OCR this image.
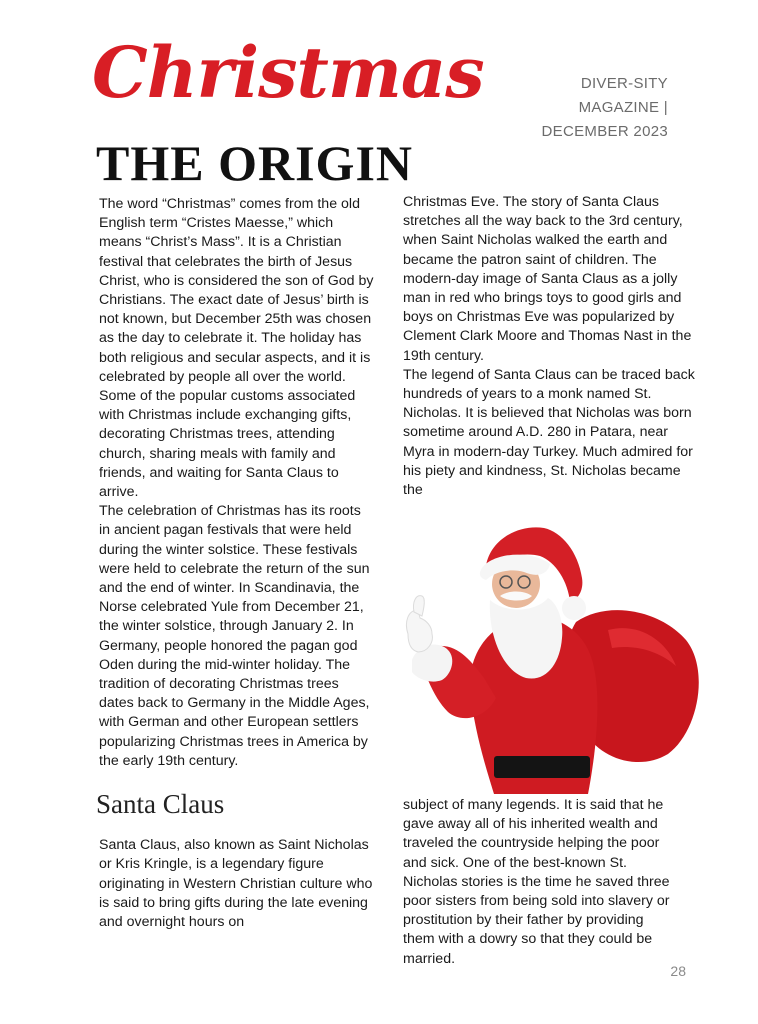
Christmas
THE ORIGIN
DIVER-SITY
MAGAZINE |
DECEMBER 2023

The word “Christmas” comes from the old English term “Cristes Maesse,” which means “Christ’s Mass”. It is a Christian festival that celebrates the birth of Jesus Christ, who is considered the son of God by Christians. The exact date of Jesus’ birth is not known, but December 25th was chosen as the day to celebrate it. The holiday has both religious and secular aspects, and it is celebrated by people all over the world. Some of the popular customs associated with Christmas include exchanging gifts, decorating Christmas trees, attending church, sharing meals with family and friends, and waiting for Santa Claus to arrive.

The celebration of Christmas has its roots in ancient pagan festivals that were held during the winter solstice. These festivals were held to celebrate the return of the sun and the end of winter. In Scandinavia, the Norse celebrated Yule from December 21, the winter solstice, through January 2. In Germany, people honored the pagan god Oden during the mid-winter holiday. The tradition of decorating Christmas trees dates back to Germany in the Middle Ages, with German and other European settlers popularizing Christmas trees in America by the early 19th century.

Santa Claus

Santa Claus, also known as Saint Nicholas or Kris Kringle, is a legendary figure originating in Western Christian culture who is said to bring gifts during the late evening and overnight hours on

Christmas Eve. The story of Santa Claus stretches all the way back to the 3rd century, when Saint Nicholas walked the earth and became the patron saint of children. The modern-day image of Santa Claus as a jolly man in red who brings toys to good girls and boys on Christmas Eve was popularized by Clement Clark Moore and Thomas Nast in the 19th century.

The legend of Santa Claus can be traced back hundreds of years to a monk named St. Nicholas. It is believed that Nicholas was born sometime around A.D. 280 in Patara, near Myra in modern-day Turkey. Much admired for his piety and kindness, St. Nicholas became the

subject of many legends. It is said that he gave away all of his inherited wealth and traveled the countryside helping the poor and sick. One of the best-known St. Nicholas stories is the time he saved three poor sisters from being sold into slavery or prostitution by their father by providing them with a dowry so that they could be married.

28
